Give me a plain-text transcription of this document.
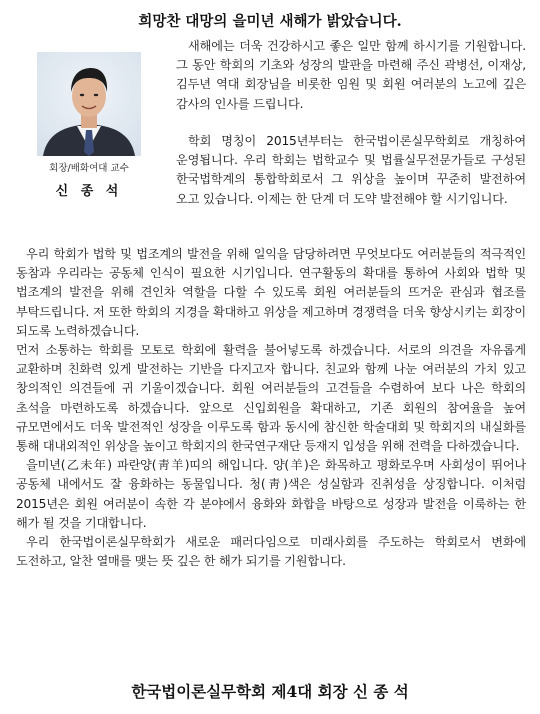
희망찬 대망의 을미년 새해가 밝았습니다.
회장/배화여대 교수
신 종 석

새해에는 더욱 건강하시고 좋은 일만 함께 하시기를 기원합니다. 그 동안 학회의 기초와 성장의 발판을 마련해 주신 곽병선, 이재상, 김두년 역대 회장님을 비롯한 임원 및 회원 여러분의 노고에 깊은 감사의 인사를 드립니다.

학회 명칭이 2015년부터는 한국법이론실무학회로 개칭하여 운영됩니다. 우리 학회는 법학교수 및 법률실무전문가들로 구성된 한국법학계의 통합학회로서 그 위상을 높이며 꾸준히 발전하여 오고 있습니다. 이제는 한 단계 더 도약 발전해야 할 시기입니다.

우리 학회가 법학 및 법조계의 발전을 위해 일익을 담당하려면 무엇보다도 여러분들의 적극적인 동참과 우리라는 공동체 인식이 필요한 시기입니다. 연구활동의 확대를 통하여 사회와 법학 및 법조계의 발전을 위해 견인차 역할을 다할 수 있도록 회원 여러분들의 뜨거운 관심과 협조를 부탁드립니다. 저 또한 학회의 지경을 확대하고 위상을 제고하며 경쟁력을 더욱 향상시키는 회장이 되도록 노력하겠습니다.

먼저 소통하는 학회를 모토로 학회에 활력을 불어넣도록 하겠습니다. 서로의 의견을 자유롭게 교환하며 친화력 있게 발전하는 기반을 다지고자 합니다. 친교와 함께 나눈 여러분의 가치 있고 창의적인 의견들에 귀 기울이겠습니다. 회원 여러분들의 고견들을 수렴하여 보다 나은 학회의 초석을 마련하도록 하겠습니다. 앞으로 신입회원을 확대하고, 기존 회원의 참여율을 높여 규모면에서도 더욱 발전적인 성장을 이루도록 함과 동시에 참신한 학술대회 및 학회지의 내실화를 통해 대내외적인 위상을 높이고 학회지의 한국연구재단 등재지 입성을 위해 전력을 다하겠습니다.

을미년(乙未年) 파란양(靑羊)띠의 해입니다. 양(羊)은 화목하고 평화로우며 사회성이 뛰어나 공동체 내에서도 잘 융화하는 동물입니다. 청(靑)색은 성실함과 진취성을 상징합니다. 이처럼 2015년은 회원 여러분이 속한 각 분야에서 융화와 화합을 바탕으로 성장과 발전을 이룩하는 한 해가 될 것을 기대합니다.

우리 한국법이론실무학회가 새로운 패러다임으로 미래사회를 주도하는 학회로서 변화에 도전하고, 알찬 열매를 맺는 뜻 깊은 한 해가 되기를 기원합니다.

한국법이론실무학회 제4대 회장 신 종 석
